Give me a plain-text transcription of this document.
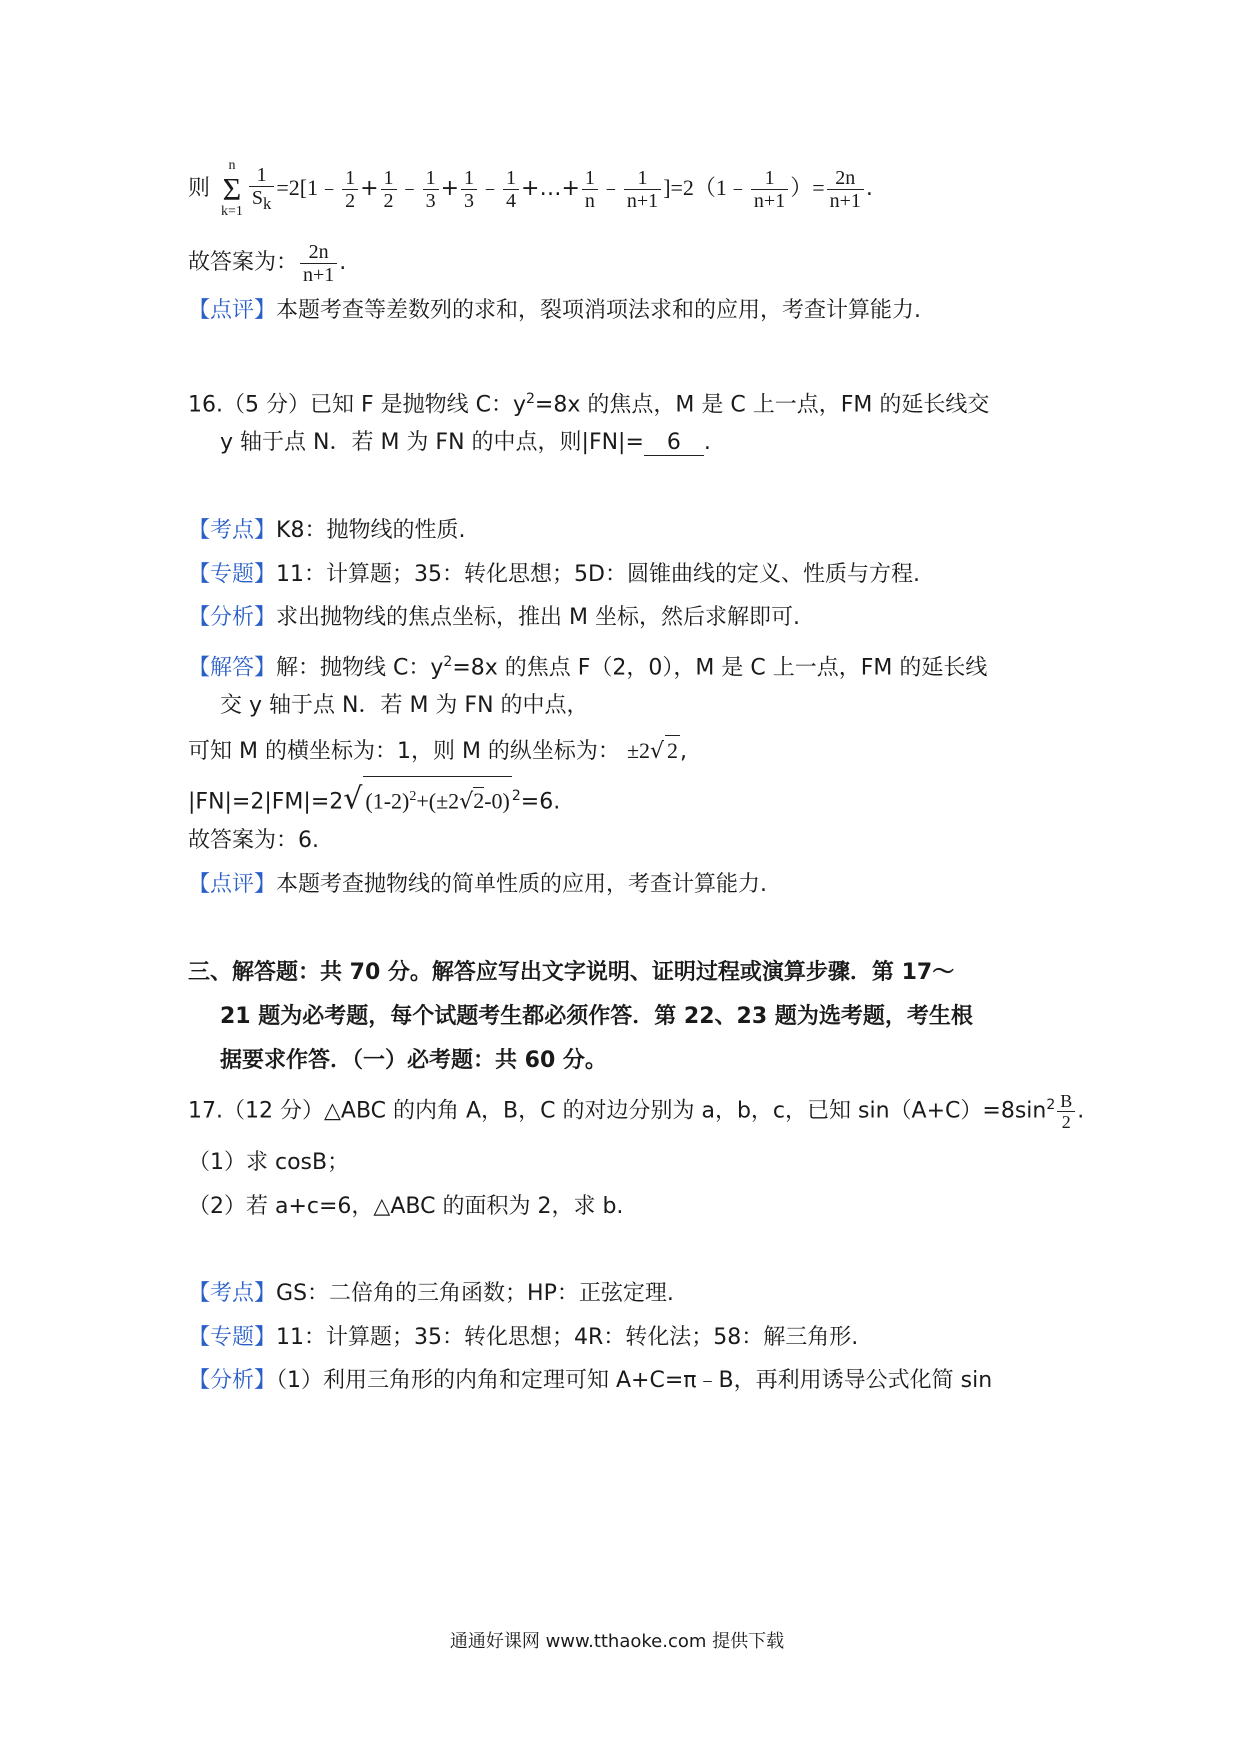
则
n
Σ
$k=1 \frac{1}{S_k}$ =2[1﹣ $\frac{1}{2} + \frac{1}{2}$ ﹣ $\frac{1}{3} + \frac{1}{3}$ ﹣ $\frac{1}{4}$ +…+ $\frac{1}{n}$ ﹣ $\frac{1}{n+1}$ ]=2（1﹣ $\frac{1}{n+1}$ ）= $\frac{2n}{n+1}$ .
故答案为： $\frac{2n}{n+1}$ .
【点评】本题考查等差数列的求和，裂项消项法求和的应用，考查计算能力.
16.（5 分）已知 F 是抛物线 C：$y^2=8x$ 的焦点，M 是 C 上一点，FM 的延长线交
y 轴于点 N．若 M 为 FN 的中点，则|FN|= 6 .
【考点】K8：抛物线的性质.
【专题】11：计算题；35：转化思想；5D：圆锥曲线的定义、性质与方程.
【分析】求出抛物线的焦点坐标，推出 M 坐标，然后求解即可.
【解答】解：抛物线 C：$y^2=8x$ 的焦点 F（2，0），M 是 C 上一点，FM 的延长线
交 y 轴于点 N．若 M 为 FN 的中点，
可知 M 的横坐标为：1，则 M 的纵坐标为： ±2√ 2,
|FN|=2|FM|=2√ $(1-2)^2+(\pm 2√2-0)$ $^2$=6.
故答案为：6.
【点评】本题考查抛物线的简单性质的应用，考查计算能力.
三、解答题：共 70 分。解答应写出文字说明、证明过程或演算步骤．第 17～
21 题为必考题，每个试题考生都必须作答．第 22、23 题为选考题，考生根
据要求作答．（一）必考题：共 60 分。
17.（12 分）△ABC 的内角 A，B，C 的对边分别为 a，b，c，已知 $\sin(A+C)=8\sin^2 \frac{B}{2}$ .
（1）求 cosB；
（2）若 a+c=6，△ABC 的面积为 2，求 b.
【考点】GS：二倍角的三角函数；HP：正弦定理.
【专题】11：计算题；35：转化思想；4R：转化法；58：解三角形.
【分析】（1）利用三角形的内角和定理可知 A+C=π﹣B，再利用诱导公式化简 sin
通通好课网 www.tthaoke.com 提供下载
